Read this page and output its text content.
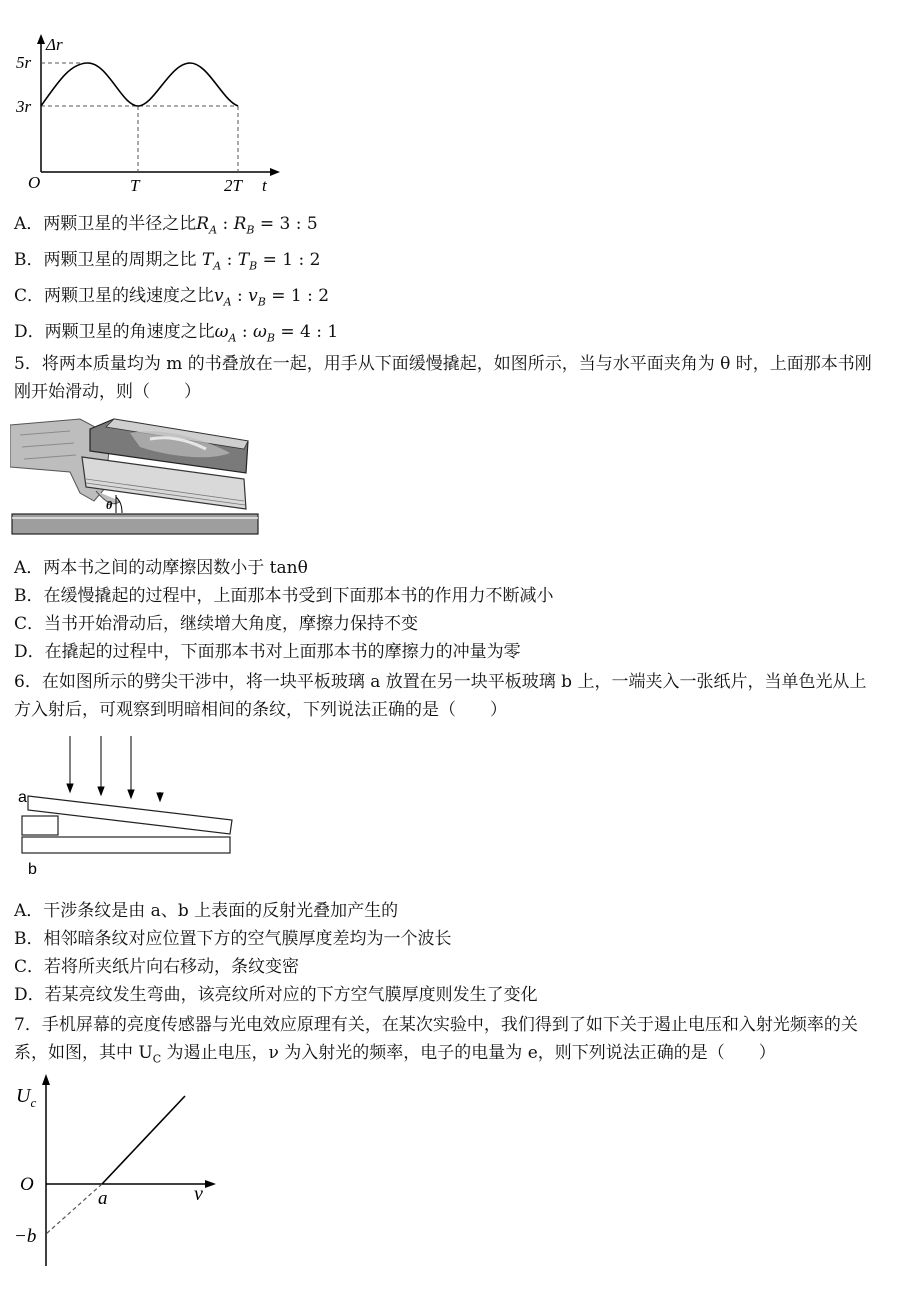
Δr
5r
3r
O	T	2T t
A．两颗卫星的半径之比$R_A$ : $R_B = 3$ : 5
B．两颗卫星的周期之比 $T_A$ : $T_B = 1$ : 2
C．两颗卫星的线速度之比$v_A$ : $v_B = 1$ : 2
D．两颗卫星的角速度之比$\omega_A$ : $\omega_B = 4$ : 1
5．将两本质量均为 m 的书叠放在一起，用手从下面缓慢撬起，如图所示，当与水平面夹角为 θ 时，上面那本书刚刚开始滑动，则（　　）
θ
A．两本书之间的动摩擦因数小于 tanθ
B．在缓慢撬起的过程中，上面那本书受到下面那本书的作用力不断减小
C．当书开始滑动后，继续增大角度，摩擦力保持不变
D．在撬起的过程中，下面那本书对上面那本书的摩擦力的冲量为零
6．在如图所示的劈尖干涉中，将一块平板玻璃 a 放置在另一块平板玻璃 b 上，一端夹入一张纸片，当单色光从上方入射后，可观察到明暗相间的条纹，下列说法正确的是（　　）
a
b
A．干涉条纹是由 a、b 上表面的反射光叠加产生的
B．相邻暗条纹对应位置下方的空气膜厚度差均为一个波长
C．若将所夹纸片向右移动，条纹变密
D．若某亮纹发生弯曲，该亮纹所对应的下方空气膜厚度则发生了变化
7．手机屏幕的亮度传感器与光电效应原理有关，在某次实验中，我们得到了如下关于遏止电压和入射光频率的关系，如图，其中 $U_C$ 为遏止电压，ν 为入射光的频率，电子的电量为 e，则下列说法正确的是（　　）
$U_c$
O
a	ν
−b
